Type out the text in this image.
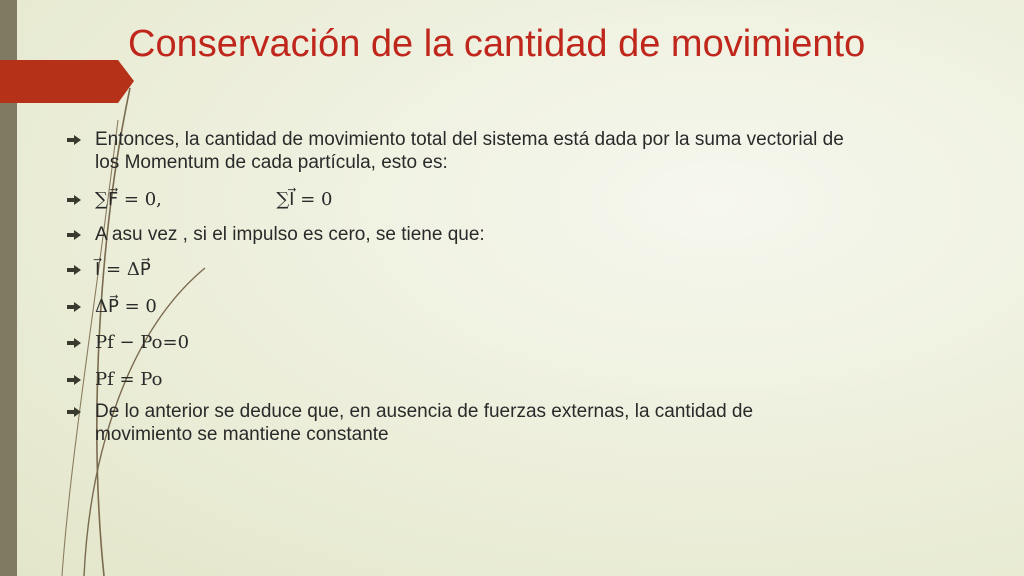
Conservación de la cantidad de movimiento
Entonces, la cantidad de movimiento total del sistema está dada por la suma vectorial de los Momentum de cada partícula, esto es:
∑F⃗ = 0,                    ∑I⃗ = 0
A asu vez , si el impulso es cero, se tiene que:
I⃗ = ΔP⃗
ΔP⃗ = 0
Pf − Po=0
Pf = Po
De lo anterior se deduce que, en ausencia de fuerzas externas, la cantidad de movimiento se mantiene constante
